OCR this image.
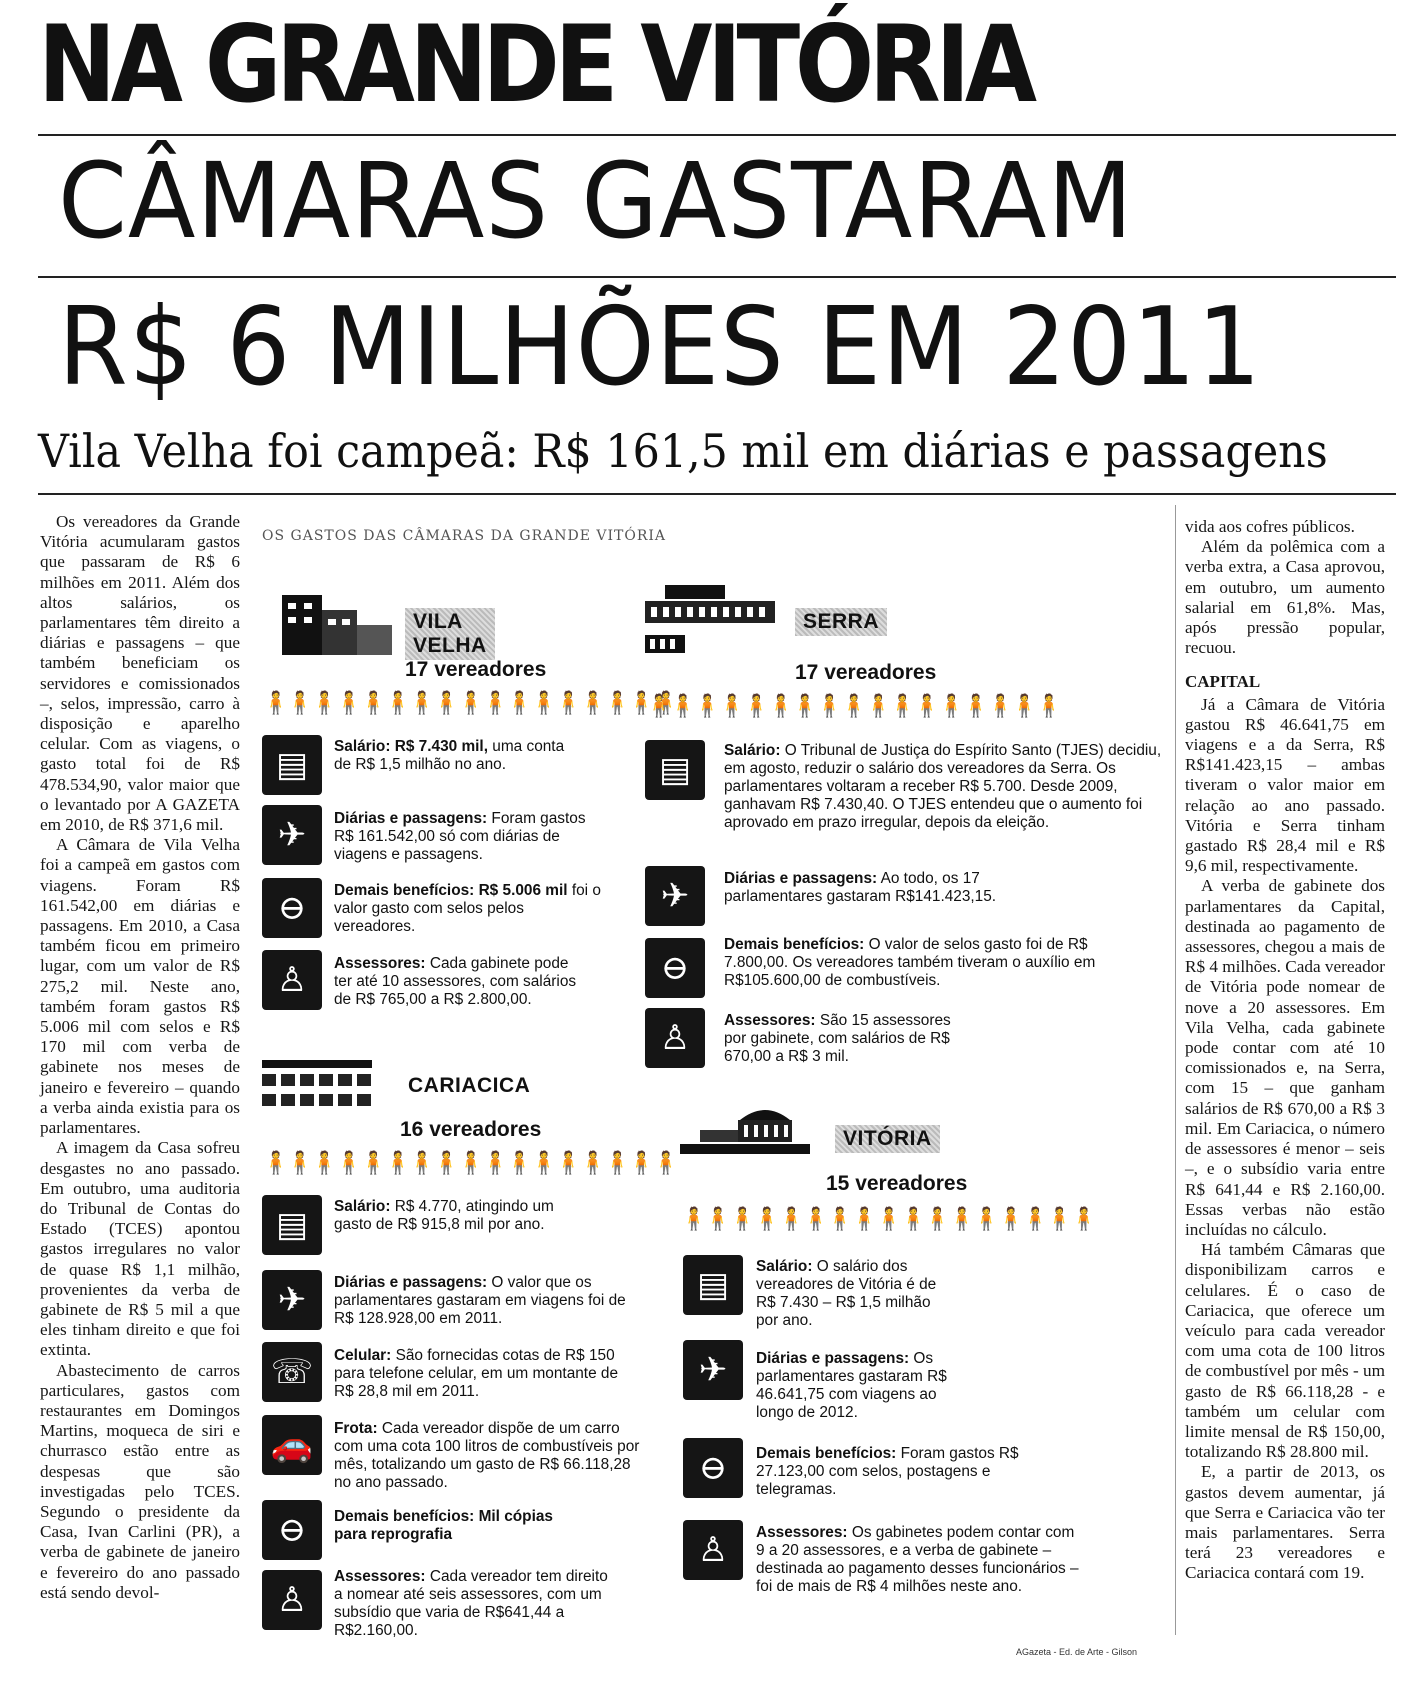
NA GRANDE VITÓRIA
CÂMARAS GASTARAM
R$ 6 MILHÕES EM 2011
Vila Velha foi campeã: R$ 161,5 mil em diárias e passagens

Os vereadores da Grande Vitória acumularam gastos que passaram de R$ 6 milhões em 2011. Além dos altos salários, os parlamentares têm direito a diárias e passagens – que também beneficiam os servidores e comissionados –, selos, impressão, carro à disposição e aparelho celular. Com as viagens, o gasto total foi de R$ 478.534,90, valor maior que o levantado por A GAZETA em 2010, de R$ 371,6 mil.

A Câmara de Vila Velha foi a campeã em gastos com viagens. Foram R$ 161.542,00 em diárias e passagens. Em 2010, a Casa também ficou em primeiro lugar, com um valor de R$ 275,2 mil. Neste ano, também foram gastos R$ 5.006 mil com selos e R$ 170 mil com verba de gabinete nos meses de janeiro e fevereiro – quando a verba ainda existia para os parlamentares.

A imagem da Casa sofreu desgastes no ano passado. Em outubro, uma auditoria do Tribunal de Contas do Estado (TCES) apontou gastos irregulares no valor de quase R$ 1,1 milhão, provenientes da verba de gabinete de R$ 5 mil a que eles tinham direito e que foi extinta.

Abastecimento de carros particulares, gastos com restaurantes em Domingos Martins, moqueca de siri e churrasco estão entre as despesas que são investigadas pelo TCES. Segundo o presidente da Casa, Ivan Carlini (PR), a verba de gabinete de janeiro e fevereiro do ano passado está sendo devol-

OS GASTOS DAS CÂMARAS DA GRANDE VITÓRIA
VILA VELHA
17 vereadores
🧍🧍🧍🧍🧍🧍🧍🧍🧍🧍🧍🧍🧍🧍🧍🧍🧍
▤	Salário: R$ 7.430 mil, uma conta de R$ 1,5 milhão no ano.
✈	Diárias e passagens: Foram gastos R$ 161.542,00 só com diárias de viagens e passagens.
⊖	Demais benefícios: R$ 5.006 mil foi o valor gasto com selos pelos vereadores.
♙	Assessores: Cada gabinete pode ter até 10 assessores, com salários de R$ 765,00 a R$ 2.800,00.
SERRA
17 vereadores
🧍🧍🧍🧍🧍🧍🧍🧍🧍🧍🧍🧍🧍🧍🧍🧍🧍
▤	Salário: O Tribunal de Justiça do Espírito Santo (TJES) decidiu, em agosto, reduzir o salário dos vereadores da Serra. Os parlamentares voltaram a receber R$ 5.700. Desde 2009, ganhavam R$ 7.430,40. O TJES entendeu que o aumento foi aprovado em prazo irregular, depois da eleição.
✈	Diárias e passagens: Ao todo, os 17 parlamentares gastaram R$141.423,15.
⊖
Demais benefícios: O valor de selos gasto foi de R$ 7.800,00. Os vereadores também tiveram o auxílio em R$105.600,00 de combustíveis.
♙	Assessores: São 15 assessores por gabinete, com salários de R$ 670,00 a R$ 3 mil.
CARIACICA
16 vereadores
🧍🧍🧍🧍🧍🧍🧍🧍🧍🧍🧍🧍🧍🧍🧍🧍🧍
▤	Salário: R$ 4.770, atingindo um gasto de R$ 915,8 mil por ano.
✈	Diárias e passagens: O valor que os parlamentares gastaram em viagens foi de R$ 128.928,00 em 2011.
☏	Celular: São fornecidas cotas de R$ 150 para telefone celular, em um montante de R$ 28,8 mil em 2011.
🚗	Frota: Cada vereador dispõe de um carro com uma cota 100 litros de combustíveis por mês, totalizando um gasto de R$ 66.118,28 no ano passado.
⊖	Demais benefícios: Mil cópias para reprografia
♙
Assessores: Cada vereador tem direito a nomear até seis assessores, com um subsídio que varia de R$641,44 a R$2.160,00.
VITÓRIA
15 vereadores
🧍🧍🧍🧍🧍🧍🧍🧍🧍🧍🧍🧍🧍🧍🧍🧍🧍
▤	Salário: O salário dos vereadores de Vitória é de R$ 7.430 – R$ 1,5 milhão por ano.
✈	Diárias e passagens: Os parlamentares gastaram R$ 46.641,75 com viagens ao longo de 2012.
⊖	Demais benefícios: Foram gastos R$ 27.123,00 com selos, postagens e telegramas.
♙	Assessores: Os gabinetes podem contar com 9 a 20 assessores, e a verba de gabinete – destinada ao pagamento desses funcionários – foi de mais de R$ 4 milhões neste ano.
AGazeta - Ed. de Arte - Gilson

vida aos cofres públicos.

Além da polêmica com a verba extra, a Casa aprovou, em outubro, um aumento salarial em 61,8%. Mas, após pressão popular, recuou.

CAPITAL

Já a Câmara de Vitória gastou R$ 46.641,75 em viagens e a da Serra, R$ R$141.423,15 – ambas tiveram o valor maior em relação ao ano passado. Vitória e Serra tinham gastado R$ 28,4 mil e R$ 9,6 mil, respectivamente.

A verba de gabinete dos parlamentares da Capital, destinada ao pagamento de assessores, chegou a mais de R$ 4 milhões. Cada vereador de Vitória pode nomear de nove a 20 assessores. Em Vila Velha, cada gabinete pode contar com até 10 comissionados e, na Serra, com 15 – que ganham salários de R$ 670,00 a R$ 3 mil. Em Cariacica, o número de assessores é menor – seis –, e o subsídio varia entre R$ 641,44 e R$ 2.160,00. Essas verbas não estão incluídas no cálculo.

Há também Câmaras que disponibilizam carros e celulares. É o caso de Cariacica, que oferece um veículo para cada vereador com uma cota de 100 litros de combustível por mês - um gasto de R$ 66.118,28 - e também um celular com limite mensal de R$ 150,00, totalizando R$ 28.800 mil.

E, a partir de 2013, os gastos devem aumentar, já que Serra e Cariacica vão ter mais parlamentares. Serra terá 23 vereadores e Cariacica contará com 19.
